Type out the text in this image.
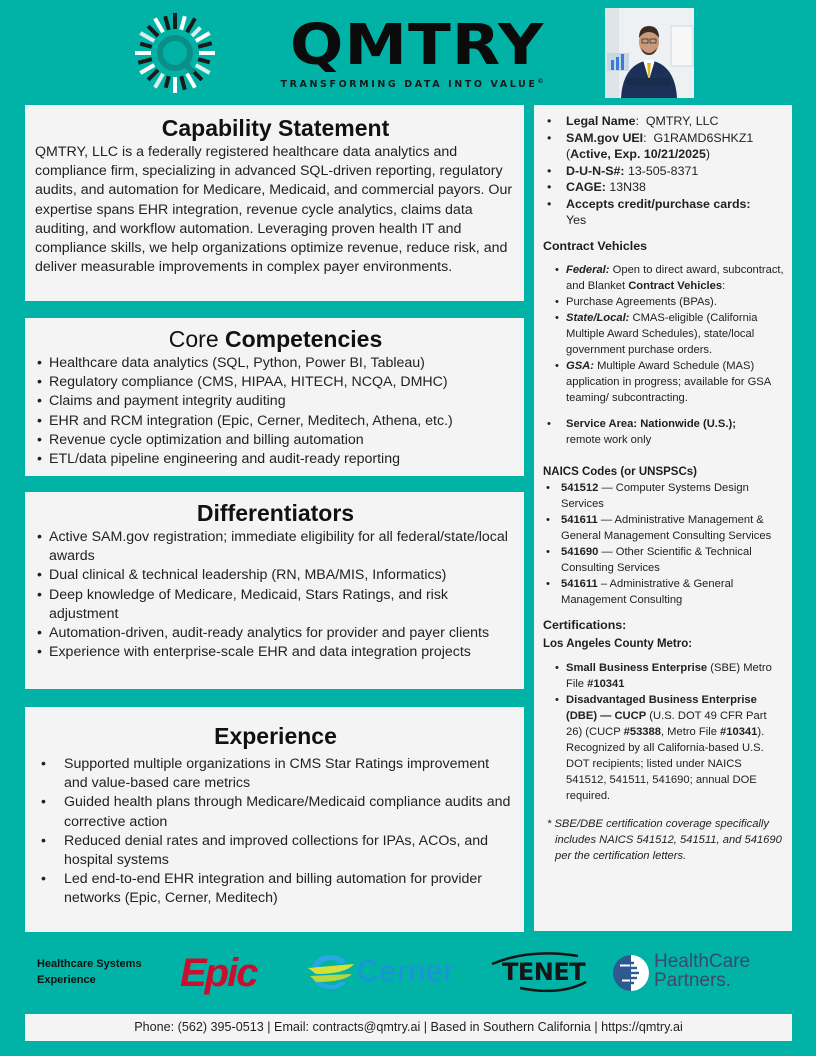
QMTRY
TRANSFORMING DATA INTO VALUE©
Capability Statement

QMTRY, LLC is a federally registered healthcare data analytics and compliance firm, specializing in advanced SQL-driven reporting, regulatory audits, and automation for Medicare, Medicaid, and commercial payors. Our expertise spans EHR integration, revenue cycle analytics, claims data auditing, and workflow automation. Leveraging proven health IT and compliance skills, we help organizations optimize revenue, reduce risk, and deliver measurable improvements in complex payer environments.

Core Competencies
• Healthcare data analytics (SQL, Python, Power BI, Tableau)
• Regulatory compliance (CMS, HIPAA, HITECH, NCQA, DMHC)
• Claims and payment integrity auditing
• EHR and RCM integration (Epic, Cerner, Meditech, Athena, etc.)
• Revenue cycle optimization and billing automation
• ETL/data pipeline engineering and audit-ready reporting
Differentiators
• Active SAM.gov registration; immediate eligibility for all federal/state/local awards
• Dual clinical & technical leadership (RN, MBA/MIS, Informatics)
• Deep knowledge of Medicare, Medicaid, Stars Ratings, and risk adjustment
• Automation-driven, audit-ready analytics for provider and payer clients
• Experience with enterprise-scale EHR and data integration projects
Experience
• Supported multiple organizations in CMS Star Ratings improvement and value-based care metrics
• Guided health plans through Medicare/Medicaid compliance audits and corrective action
• Reduced denial rates and improved collections for IPAs, ACOs, and hospital systems
• Led end-to-end EHR integration and billing automation for provider networks (Epic, Cerner, Meditech)
• Legal Name:  QMTRY, LLC
• SAM.gov UEI:  G1RAMD6SHKZ1 (Active, Exp. 10/21/2025)
• D-U-N-S#: 13-505-8371
• CAGE: 13N38
• Accepts credit/purchase cards:
Yes
Contract Vehicles
• Federal: Open to direct award, subcontract, and Blanket Contract Vehicles:
• Purchase Agreements (BPAs).
• State/Local: CMAS-eligible (California Multiple Award Schedules), state/local government purchase orders.
• GSA: Multiple Award Schedule (MAS) application in progress; available for GSA teaming/ subcontracting.
• Service Area: Nationwide (U.S.);
remote work only
NAICS Codes (or UNSPSCs)
• 541512 — Computer Systems Design Services
• 541611 — Administrative Management & General Management Consulting Services
• 541690 — Other Scientific & Technical Consulting Services
• 541611 – Administrative & General Management Consulting
Certifications:
Los Angeles County Metro:
• Small Business Enterprise (SBE) Metro File #10341
• Disadvantaged Business Enterprise (DBE) — CUCP (U.S. DOT 49 CFR Part 26) (CUCP #53388, Metro File #10341). Recognized by all California-based U.S. DOT recipients; listed under NAICS 541512, 541511, 541690; annual DOE required.

* SBE/DBE certification coverage specifically includes NAICS 541512, 541511, and 541690 per the certification letters.

Healthcare Systems
Experience	Epic	Cerner TENET	HealthCare
Partners.
Phone: (562) 395-0513 | Email: contracts@qmtry.ai | Based in Southern California | https://qmtry.ai
